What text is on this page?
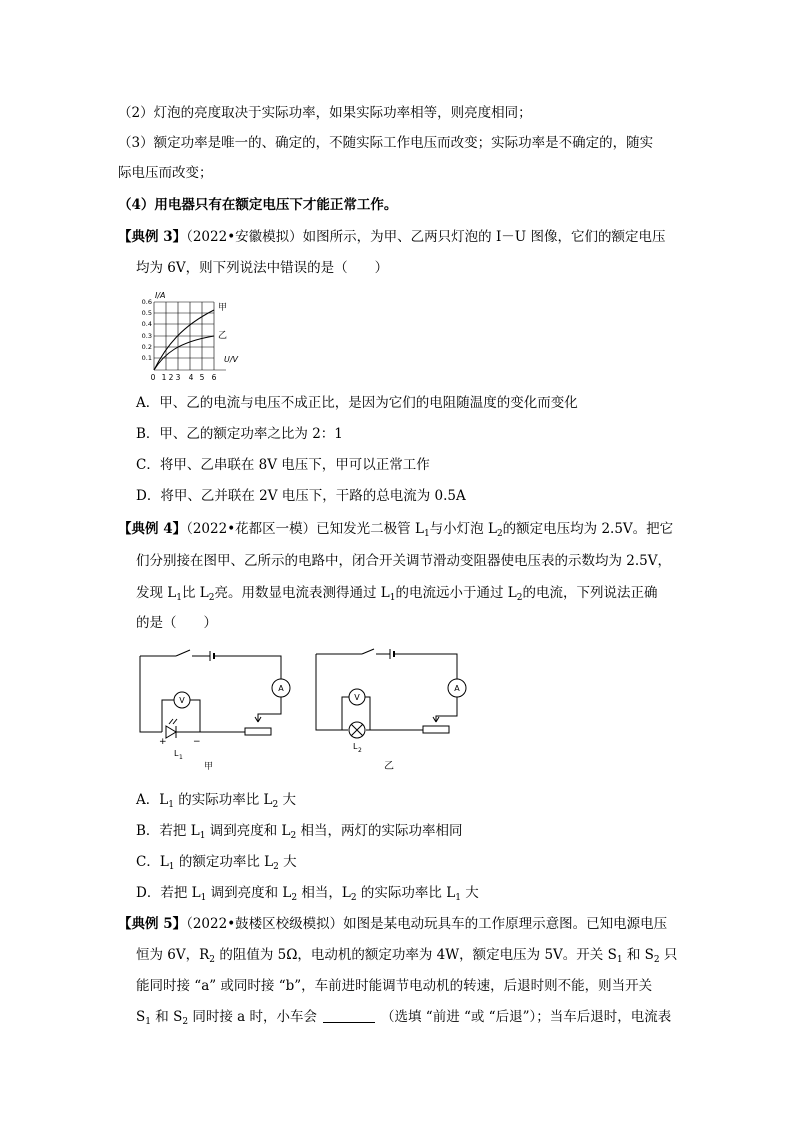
（2）灯泡的亮度取决于实际功率，如果实际功率相等，则亮度相同；
（3）额定功率是唯一的、确定的，不随实际工作电压而改变；实际功率是不确定的，随实
际电压而改变；
（4）用电器只有在额定电压下才能正常工作。
【典例 3】（2022•安徽模拟）如图所示，为甲、乙两只灯泡的 I－U 图像，它们的额定电压
均为 6V，则下列说法中错误的是（　　）
I/A
U/V
甲
乙
0.6
0.5
0.4
0.3
0.2
0.1
0 1 2 3 4 5 6
A．甲、乙的电流与电压不成正比，是因为它们的电阻随温度的变化而变化
B．甲、乙的额定功率之比为 2：1
C．将甲、乙串联在 8V 电压下，甲可以正常工作
D．将甲、乙并联在 2V 电压下，干路的总电流为 0.5A
【典例 4】（2022•花都区一模）已知发光二极管 $L_1$与小灯泡 $L_2$的额定电压均为 2.5V。把它
们分别接在图甲、乙所示的电路中，闭合开关调节滑动变阻器使电压表的示数均为 2.5V，
发现 $L_1$比 $L_2$亮。用数显电流表测得通过 $L_1$的电流远小于通过 $L_2$的电流，下列说法正确
的是（　　）
V
A
+	−
L 1
甲
V
A
L 2
乙
A．$L_1$ 的实际功率比 $L_2$ 大
B．若把 $L_1$ 调到亮度和 $L_2$ 相当，两灯的实际功率相同
C．$L_1$ 的额定功率比 $L_2$ 大
D．若把 $L_1$ 调到亮度和 $L_2$ 相当，$L_2$ 的实际功率比 $L_1$ 大
【典例 5】（2022•鼓楼区校级模拟）如图是某电动玩具车的工作原理示意图。已知电源电压
恒为 6V，$R_2$ 的阻值为 5Ω，电动机的额定功率为 4W，额定电压为 5V。开关 $S_1$ 和 $S_2$ 只
能同时接 “a” 或同时接 “b”，车前进时能调节电动机的转速，后退时则不能，则当开关
$S_1$ 和 $S_2$ 同时接 a 时，小车会	（选填 “前进 “或 “后退”）；当车后退时，电流表
